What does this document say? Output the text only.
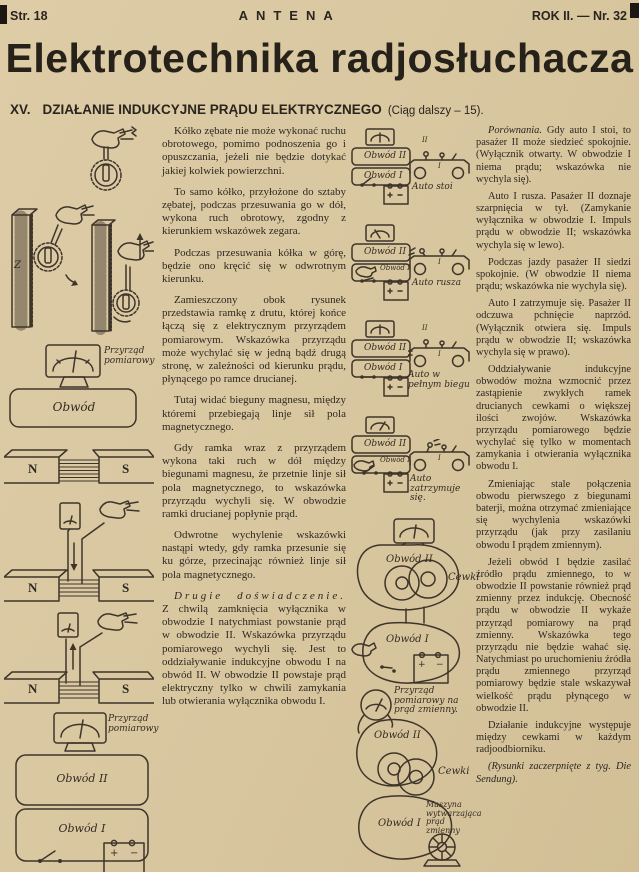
Str. 18	ANTENA	ROK II. — Nr. 32
Elektrotechnika radjosłuchacza
XV. DZIAŁANIE INDUKCYJNE PRĄDU ELEKTRYCZNEGO (Ciąg dalszy – 15).
Z
Przyrząd pomiarowy
Obwód
N	S
N	S
N	S
Przyrząd pomiarowy
Obwód II
Obwód I
+ −

Kółko zębate nie może wykonać ruchu obrotowego, pomimo podnoszenia go i opuszczania, jeżeli nie będzie dotykać jakiej kolwiek powierzchni.

To samo kółko, przyłożone do sztaby zębatej, podczas przesuwania go w dół, wykona ruch obrotowy, zgodny z kierunkiem wskazówek zegara.

Podczas przesuwania kółka w górę, będzie ono kręcić się w odwrotnym kierunku.

Zamieszczony obok rysunek przedstawia ramkę z drutu, której końce łączą się z elektrycznym przyrządem pomiarowym. Wskazówka przyrządu może wychylać się w jedną bądź drugą stronę, w zależności od kierunku prądu, płynącego po ramce drucianej.

Tutaj widać bieguny magnesu, między któremi przebiegają linje sił pola magnetycznego.

Gdy ramka wraz z przyrządem wykona taki ruch w dół między biegunami magnesu, że przetnie linje sił pola magnetycznego, to wskazówka przyrządu wychyli się. W obwodzie ramki drucianej popłynie prąd.

Odwrotne wychylenie wskazówki nastąpi wtedy, gdy ramka przesunie się ku górze, przecinając również linje sił pola magnetycznego.

Drugie doświadczenie. Z chwilą zamknięcia wyłącznika w obwodzie I natychmiast powstanie prąd w obwodzie II. Wskazówka przyrządu pomiarowego wychyli się. Jest to oddziaływanie indukcyjne obwodu I na obwód II. W obwodzie II powstaje prąd elektryczny tylko w chwili zamykania lub otwierania wyłącznika obwodu I.

Obwód II
Obwód I
II
I
Auto stoi
Obwód II
Obwód I
I
Auto rusza
Obwód II
Obwód I
II
I
Auto w pełnym biegu
Obwód II
Obwód I	I
Auto zatrzymuje się.
Obwód II
Cewki
Obwód I
+ −
Przyrząd pomiarowy na prąd zmienny.
Obwód II
Cewki
Obwód I
Maszyna wytwarzająca prąd zmienny

Porównania. Gdy auto I stoi, to pasażer II może siedzieć spokojnie. (Wyłącznik otwarty. W obwodzie I niema prądu; wskazówka nie wychyla się).

Auto I rusza. Pasażer II doznaje szarpnięcia w tył. (Zamykanie wyłącznika w obwodzie I. Impuls prądu w obwodzie II; wskazówka wychyla się w lewo).

Podczas jazdy pasażer II siedzi spokojnie. (W obwodzie II niema prądu; wskazówka nie wychyla się).

Auto I zatrzymuje się. Pasażer II odczuwa pchnięcie naprzód. (Wyłącznik otwiera się. Impuls prądu w obwodzie II; wskazówka wychyla się w prawo).

Oddziaływanie indukcyjne obwodów można wzmocnić przez zastąpienie zwykłych ramek drucianych cewkami o większej ilości zwojów. Wskazówka przyrządu pomiarowego będzie wychylać się tylko w momentach zamykania i otwierania wyłącznika obwodu I.

Zmieniając stale połączenia obwodu pierwszego z biegunami baterji, można otrzymać zmieniające się wychylenia wskazówki przyrządu (jak przy zasilaniu obwodu I prądem zmiennym).

Jeżeli obwód I będzie zasilać źródło prądu zmiennego, to w obwodzie II powstanie również prąd zmienny przez indukcję. Obecność prądu w obwodzie II wykaże przyrząd pomiarowy na prąd zmienny. Wskazówka tego przyrządu nie będzie wahać się. Natychmiast po uruchomieniu źródła prądu zmiennego przyrząd pomiarowy będzie stale wskazywał wielkość prądu płynącego w obwodzie II.

Działanie indukcyjne występuje między cewkami w każdym radjoodbiorniku.

(Rysunki zaczerpnięte z tyg. Die Sendung).
